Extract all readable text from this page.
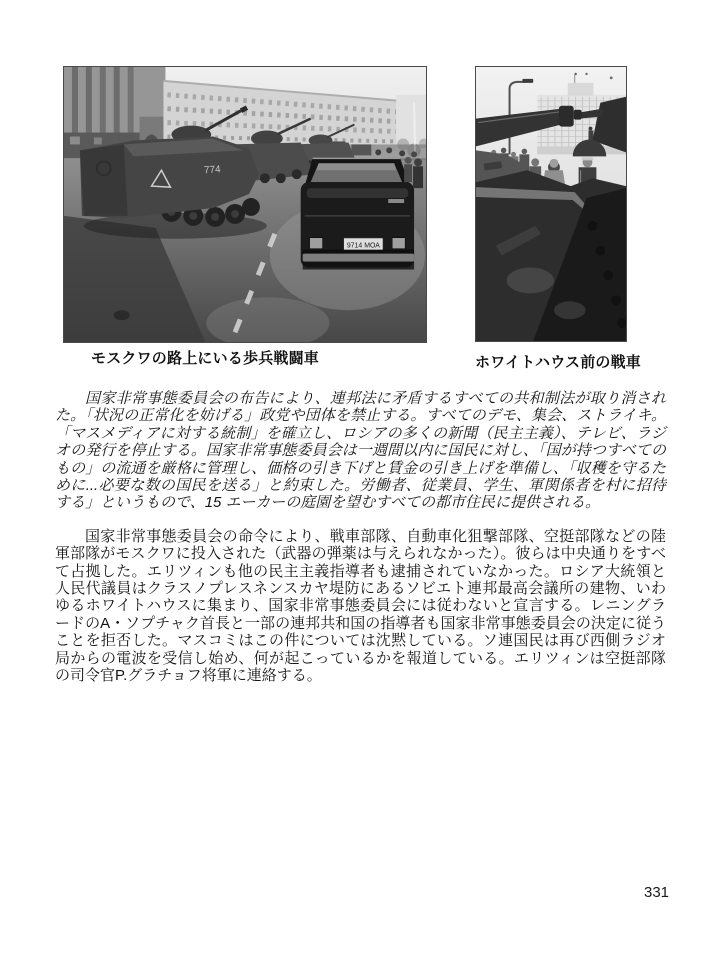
774
9714 МОА
モスクワの路上にいる歩兵戦闘車	ホワイトハウス前の戦車

国家非常事態委員会の布告により、連邦法に矛盾するすべての共和制法が取り消された。「状況の正常化を妨げる」政党や団体を禁止する。すべてのデモ、集会、ストライキ。「マスメディアに対する統制」を確立し、ロシアの多くの新聞（民主主義）、テレビ、ラジオの発行を停止する。国家非常事態委員会は一週間以内に国民に対し、「国が持つすべてのもの」の流通を厳格に管理し、価格の引き下げと賃金の引き上げを準備し、「収穫を守るために...必要な数の国民を送る」と約束した。労働者、従業員、学生、軍関係者を村に招待する」というもので、15 エーカーの庭園を望むすべての都市住民に提供される。

国家非常事態委員会の命令により、戦車部隊、自動車化狙撃部隊、空挺部隊などの陸軍部隊がモスクワに投入された（武器の弾薬は与えられなかった）。彼らは中央通りをすべて占拠した。エリツィンも他の民主主義指導者も逮捕されていなかった。ロシア大統領と人民代議員はクラスノプレスネンスカヤ堤防にあるソビエト連邦最高会議所の建物、いわゆるホワイトハウスに集まり、国家非常事態委員会には従わないと宣言する。レニングラードのA・ソプチャク首長と一部の連邦共和国の指導者も国家非常事態委員会の決定に従うことを拒否した。マスコミはこの件については沈黙している。ソ連国民は再び西側ラジオ局からの電波を受信し始め、何が起こっているかを報道している。エリツィンは空挺部隊の司令官P.グラチョフ将軍に連絡する。

331
